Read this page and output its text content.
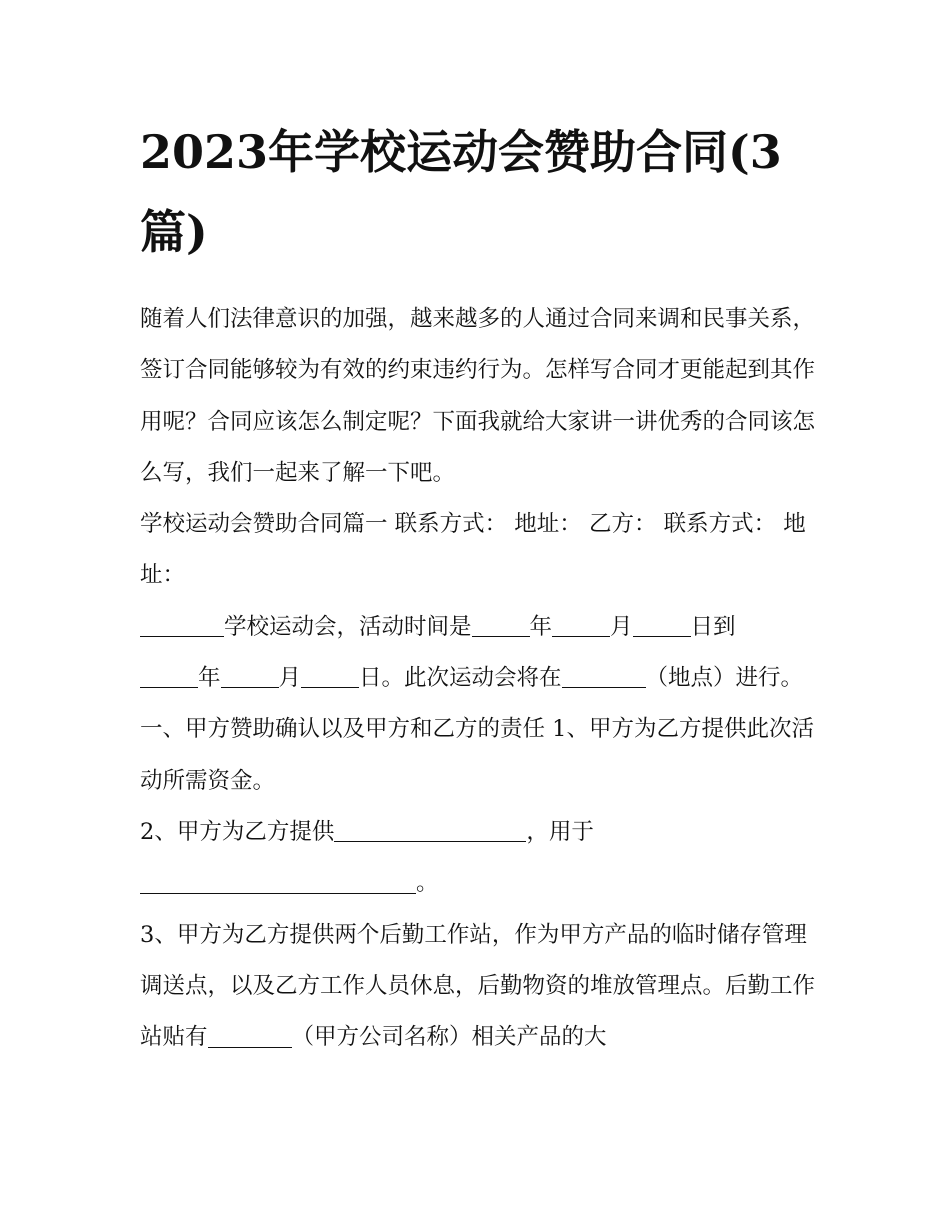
2023年学校运动会赞助合同(3篇)

随着人们法律意识的加强，越来越多的人通过合同来调和民事关系，签订合同能够较为有效的约束违约行为。怎样写合同才更能起到其作用呢？合同应该怎么制定呢？下面我就给大家讲一讲优秀的合同该怎么写，我们一起来了解一下吧。

学校运动会赞助合同篇一 联系方式： 地址： 乙方： 联系方式： 地址：

学校运动会，活动时间是	年	月	日到
年	月	日。此次运动会将在	（地点）进行。

一、甲方赞助确认以及甲方和乙方的责任 1、甲方为乙方提供此次活动所需资金。

2、甲方为乙方提供	，用于
。

3、甲方为乙方提供两个后勤工作站，作为甲方产品的临时储存管理调送点，以及乙方工作人员休息，后勤物资的堆放管理点。后勤工作站贴有	（甲方公司名称）相关产品的大
